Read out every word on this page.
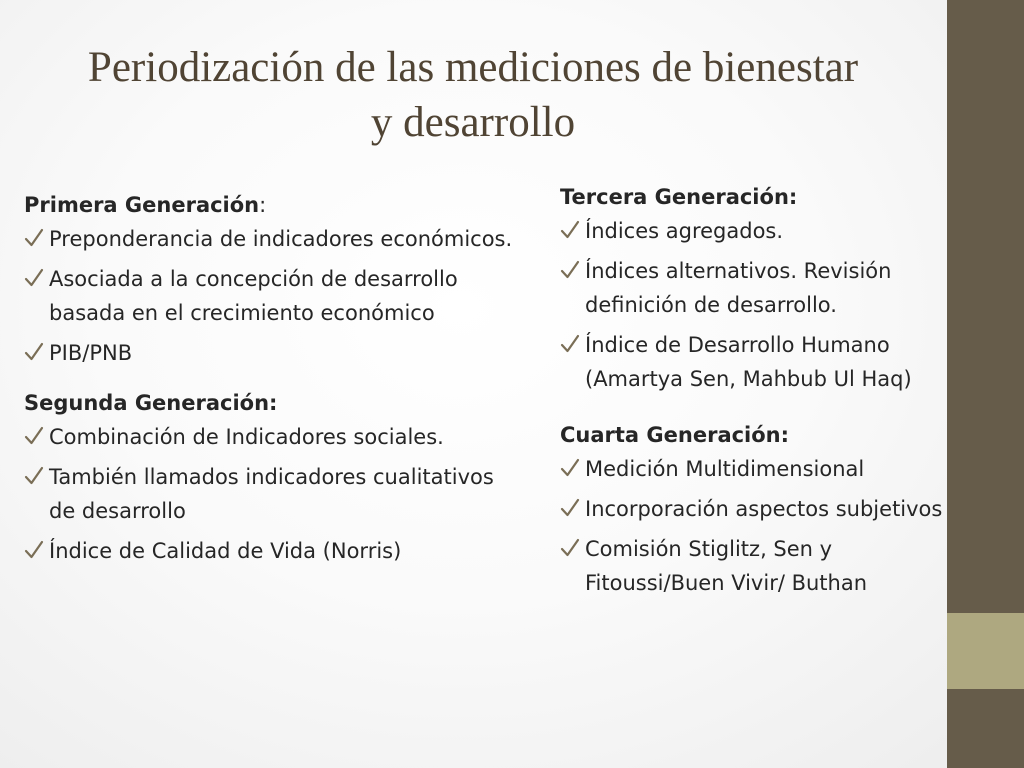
Periodización de las mediciones de bienestar
y desarrollo

Primera Generación:

Preponderancia de indicadores económicos.
Asociada a la concepción de desarrollo basada en el crecimiento económico
PIB/PNB

Segunda Generación:

Combinación de Indicadores sociales.
También llamados indicadores cualitativos de desarrollo
Índice de Calidad de Vida (Norris)

Tercera Generación:

Índices agregados.
Índices alternativos. Revisión definición de desarrollo.
Índice de Desarrollo Humano (Amartya Sen, Mahbub Ul Haq)

Cuarta Generación:

Medición Multidimensional
Incorporación aspectos subjetivos
Comisión Stiglitz, Sen y Fitoussi/Buen Vivir/ Buthan
